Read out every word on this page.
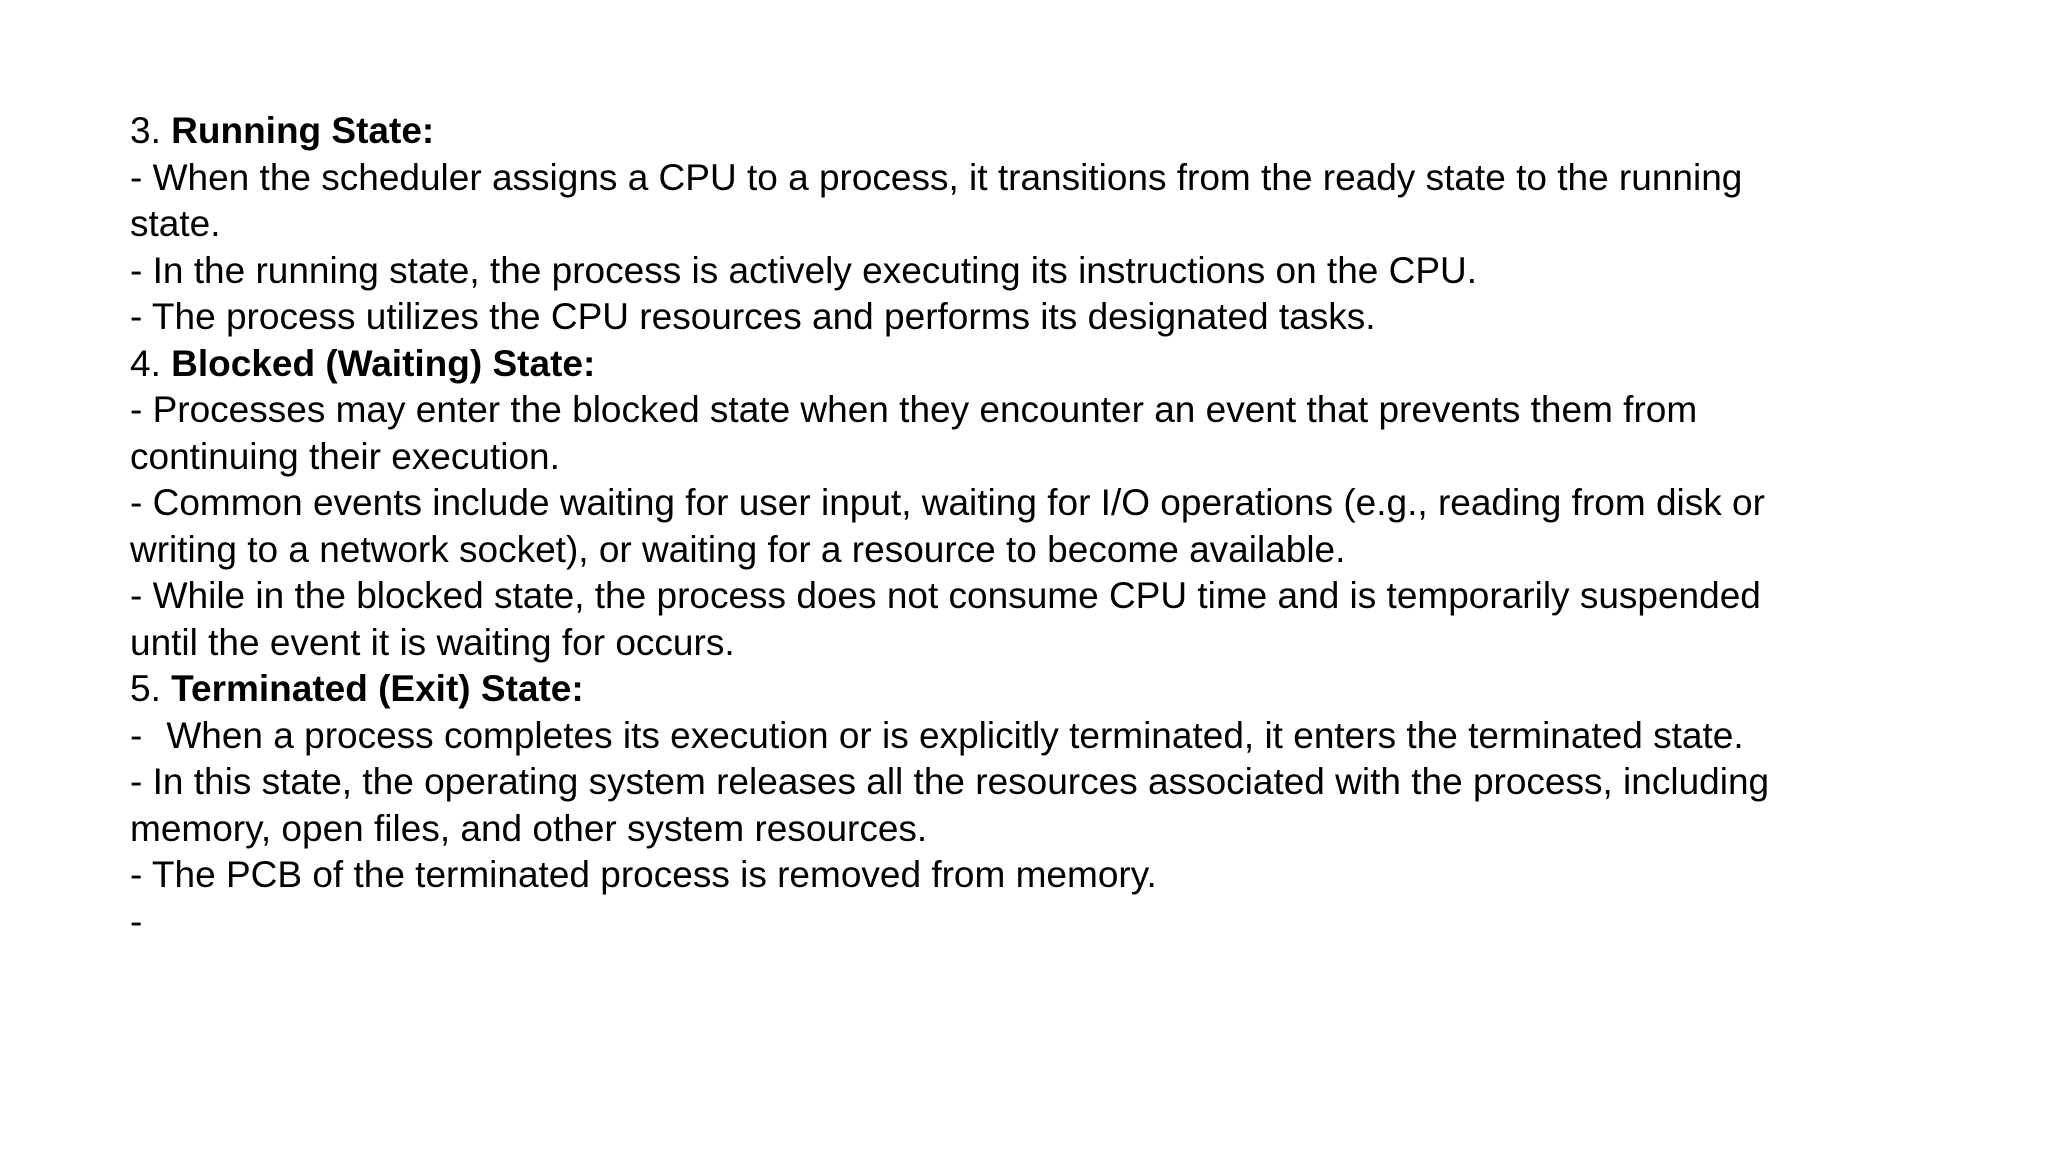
3. Running State:
- When the scheduler assigns a CPU to a process, it transitions from the ready state to the running
state.
- In the running state, the process is actively executing its instructions on the CPU.
- The process utilizes the CPU resources and performs its designated tasks.
4. Blocked (Waiting) State:
- Processes may enter the blocked state when they encounter an event that prevents them from
continuing their execution.
- Common events include waiting for user input, waiting for I/O operations (e.g., reading from disk or
writing to a network socket), or waiting for a resource to become available.
- While in the blocked state, the process does not consume CPU time and is temporarily suspended
until the event it is waiting for occurs.
5. Terminated (Exit) State:
- When a process completes its execution or is explicitly terminated, it enters the terminated state.
- In this state, the operating system releases all the resources associated with the process, including
memory, open files, and other system resources.
- The PCB of the terminated process is removed from memory.
-
